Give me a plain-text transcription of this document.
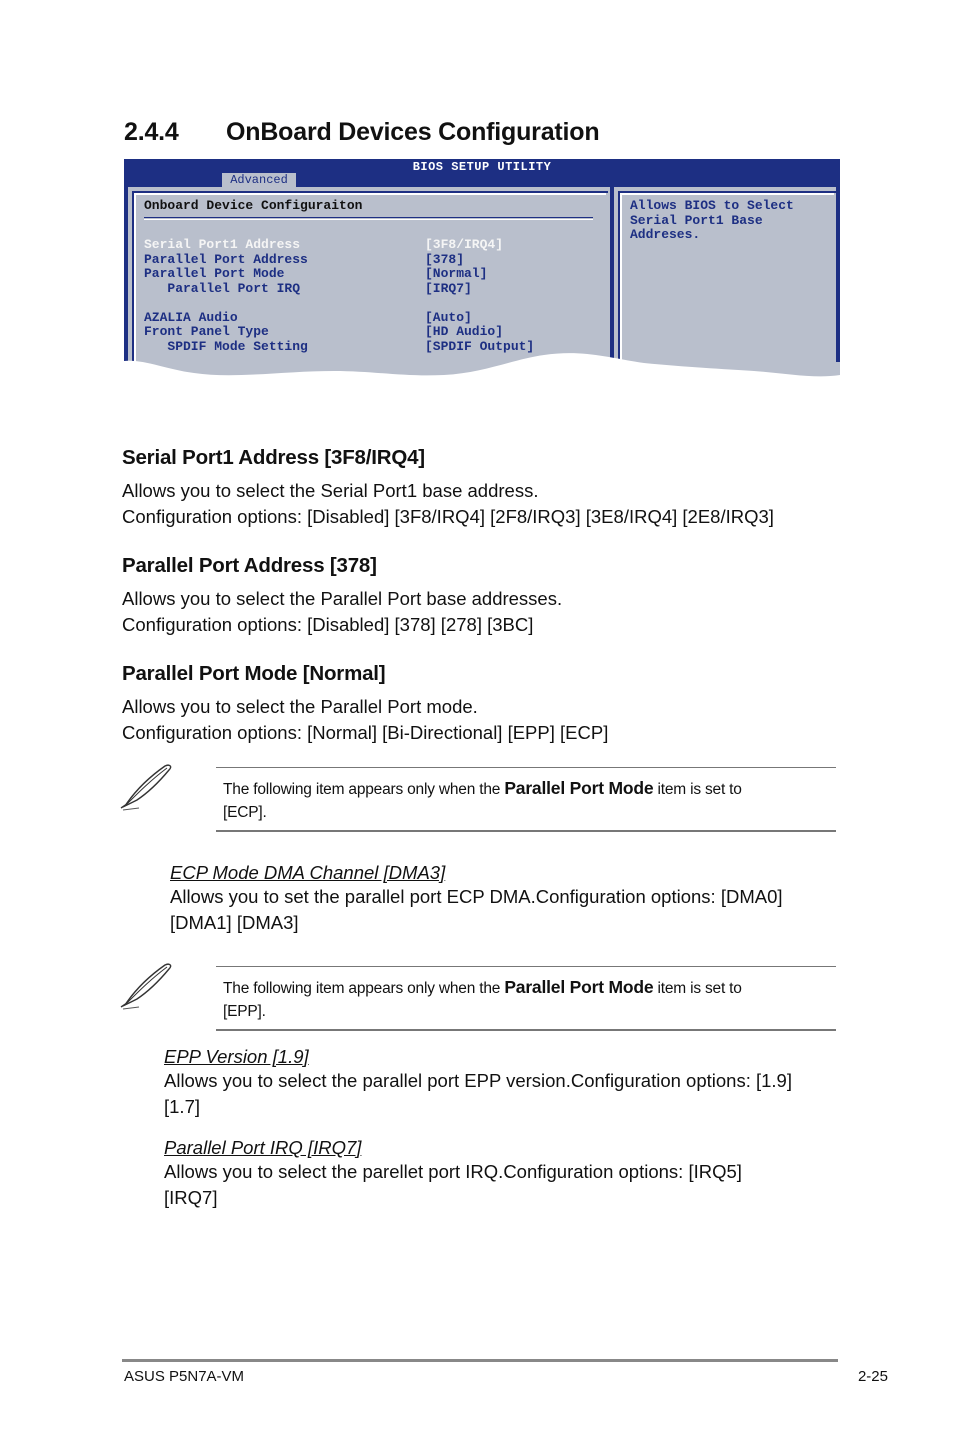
2.4.4 OnBoard Devices Configuration
BIOS SETUP UTILITY
Advanced
Onboard Device Configuraiton
Serial Port1 Address
Parallel Port Address
Parallel Port Mode
Parallel Port IRQ

AZALIA Audio
Front Panel Type
SPDIF Mode Setting
[3F8/IRQ4]
[378]
[Normal]
[IRQ7]

[Auto]
[HD Audio]
[SPDIF Output]
Allows BIOS to Select
Serial Port1 Base
Addreses.
Serial Port1 Address [3F8/IRQ4]
Allows you to select the Serial Port1 base address.
Configuration options: [Disabled] [3F8/IRQ4] [2F8/IRQ3] [3E8/IRQ4] [2E8/IRQ3]
Parallel Port Address [378]
Allows you to select the Parallel Port base addresses.
Configuration options: [Disabled] [378] [278] [3BC]
Parallel Port Mode [Normal]
Allows you to select the Parallel Port mode.
Configuration options: [Normal] [Bi-Directional] [EPP] [ECP]
The following item appears only when the Parallel Port Mode item is set to
[ECP].
ECP Mode DMA Channel [DMA3]
Allows you to set the parallel port ECP DMA.Configuration options: [DMA0]
[DMA1] [DMA3]
The following item appears only when the Parallel Port Mode item is set to
[EPP].
EPP Version [1.9]
Allows you to select the parallel port EPP version.Configuration options: [1.9]
[1.7]
Parallel Port IRQ [IRQ7]
Allows you to select the parellet port IRQ.Configuration options: [IRQ5]
[IRQ7]
ASUS P5N7A-VM	2-25
